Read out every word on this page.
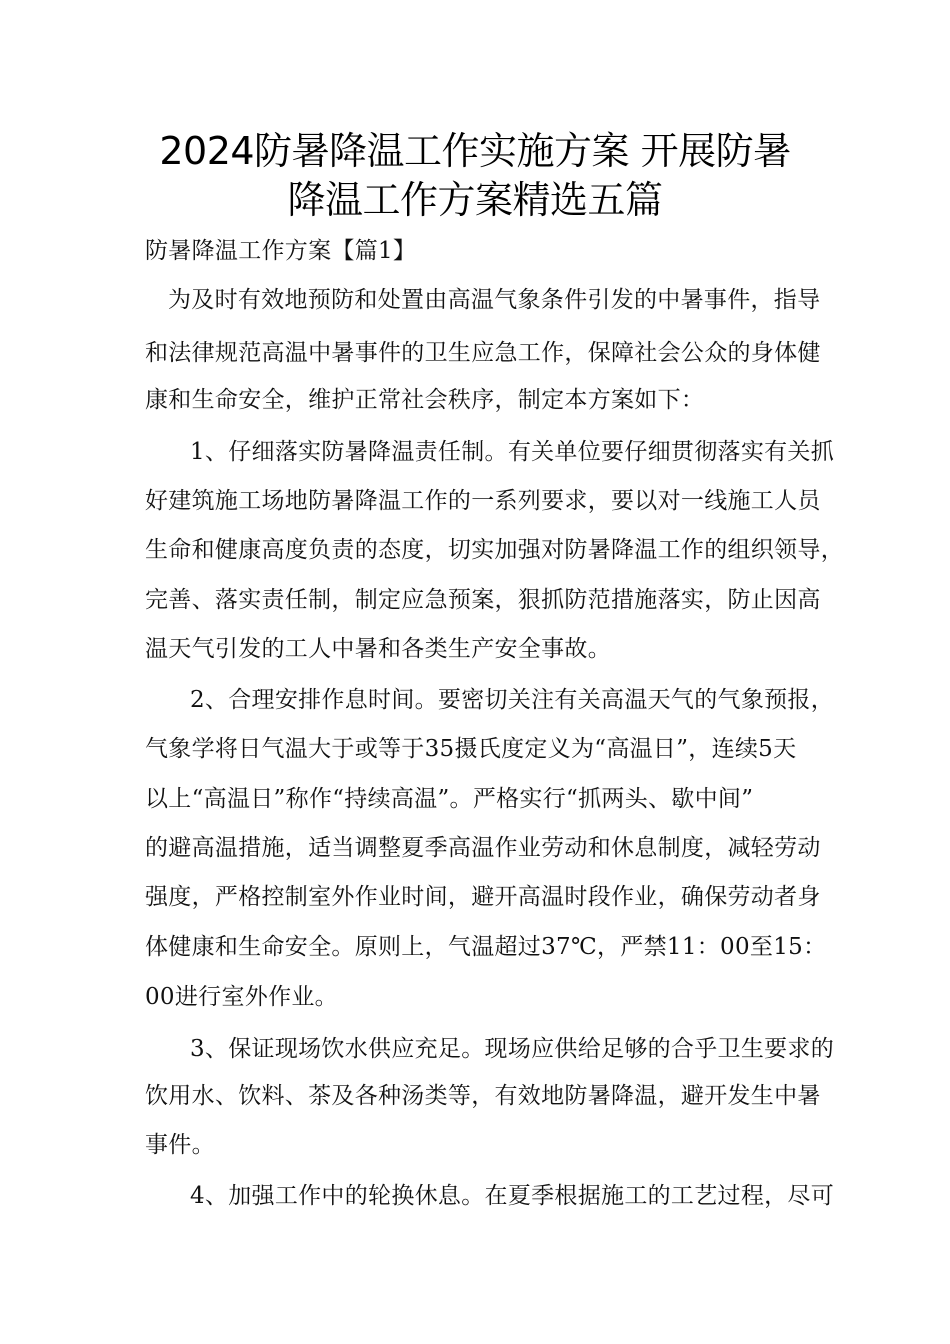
2024防暑降温工作实施方案 开展防暑
降温工作方案精选五篇
防暑降温工作方案【篇1】
为及时有效地预防和处置由高温气象条件引发的中暑事件，指导
和法律规范高温中暑事件的卫生应急工作，保障社会公众的身体健
康和生命安全，维护正常社会秩序，制定本方案如下：
1、仔细落实防暑降温责任制。有关单位要仔细贯彻落实有关抓
好建筑施工场地防暑降温工作的一系列要求，要以对一线施工人员
生命和健康高度负责的态度，切实加强对防暑降温工作的组织领导，
完善、落实责任制，制定应急预案，狠抓防范措施落实，防止因高
温天气引发的工人中暑和各类生产安全事故。
2、合理安排作息时间。要密切关注有关高温天气的气象预报，
气象学将日气温大于或等于35摄氏度定义为“高温日”，连续5天
以上“高温日”称作“持续高温”。严格实行“抓两头、歇中间”
的避高温措施，适当调整夏季高温作业劳动和休息制度，减轻劳动
强度，严格控制室外作业时间，避开高温时段作业，确保劳动者身
体健康和生命安全。原则上，气温超过37℃，严禁11：00至15：
00进行室外作业。
3、保证现场饮水供应充足。现场应供给足够的合乎卫生要求的
饮用水、饮料、茶及各种汤类等，有效地防暑降温，避开发生中暑
事件。
4、加强工作中的轮换休息。在夏季根据施工的工艺过程，尽可
